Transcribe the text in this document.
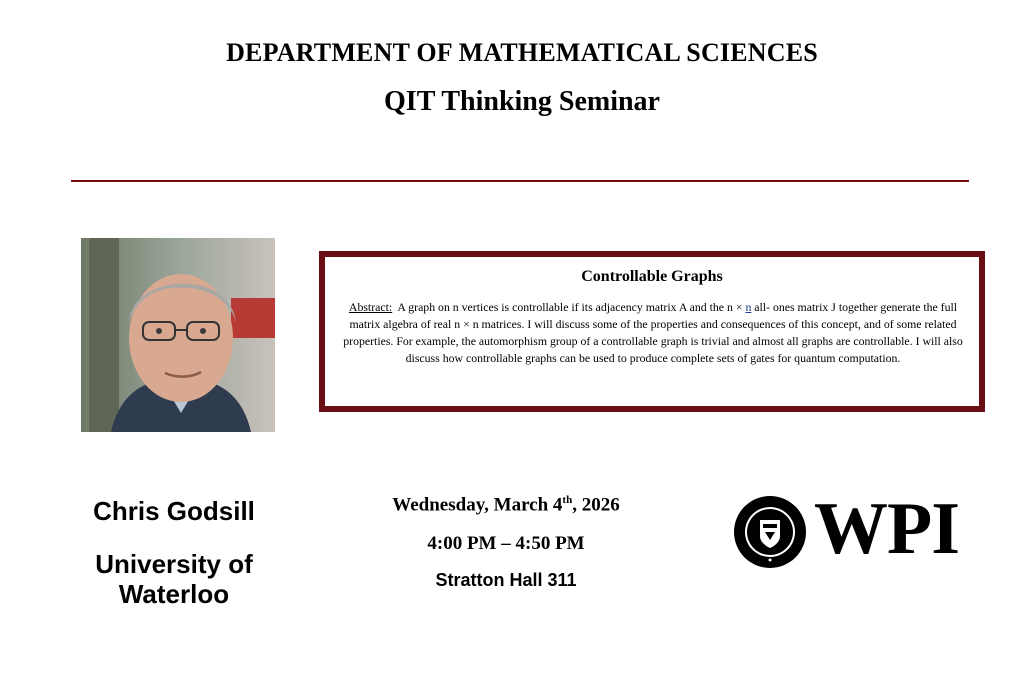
DEPARTMENT OF MATHEMATICAL SCIENCES
QIT Thinking Seminar
Controllable Graphs
Abstract: A graph on n vertices is controllable if its adjacency matrix A and the n × n all- ones matrix J together generate the full matrix algebra of real n × n matrices. I will discuss some of the properties and consequences of this concept, and of some related properties. For example, the automorphism group of a controllable graph is trivial and almost all graphs are controllable. I will also discuss how controllable graphs can be used to produce complete sets of gates for quantum computation.
Chris Godsill
University of Waterloo
Wednesday, March 4th, 2026
4:00 PM – 4:50 PM
Stratton Hall 311
WPI
